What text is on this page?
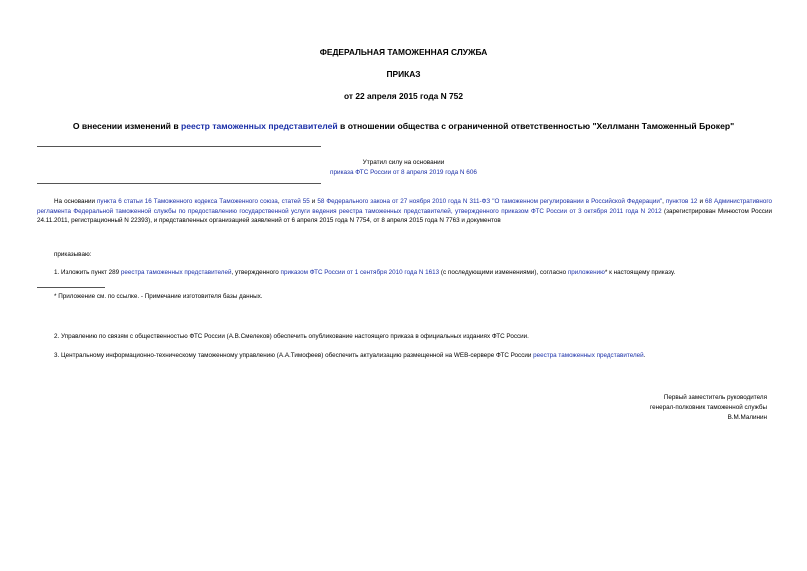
ФЕДЕРАЛЬНАЯ ТАМОЖЕННАЯ СЛУЖБА
ПРИКАЗ
от 22 апреля 2015 года N 752
О внесении изменений в реестр таможенных представителей в отношении общества с ограниченной ответственностью "Хеллманн Таможенный Брокер"
Утратил силу на основании
приказа ФТС России от 8 апреля 2019 года N 606
На основании пункта 6 статьи 16 Таможенного кодекса Таможенного союза, статей 55 и 58 Федерального закона от 27 ноября 2010 года N 311-ФЗ "О таможенном регулировании в Российской Федерации", пунктов 12 и 68 Административного регламента Федеральной таможенной службы по предоставлению государственной услуги ведения реестра таможенных представителей, утвержденного приказом ФТС России от 3 октября 2011 года N 2012 (зарегистрирован Минюстом России 24.11.2011, регистрационный N 22393), и представленных организацией заявлений от 6 апреля 2015 года N 7754, от 8 апреля 2015 года N 7763 и документов
приказываю:
1. Изложить пункт 289 реестра таможенных представителей, утвержденного приказом ФТС России от 1 сентября 2010 года N 1613 (с последующими изменениями), согласно приложению* к настоящему приказу.
* Приложение см. по ссылке. - Примечание изготовителя базы данных.
2. Управлению по связям с общественностью ФТС России (А.В.Смелеков) обеспечить опубликование настоящего приказа в официальных изданиях ФТС России.
3. Центральному информационно-техническому таможенному управлению (А.А.Тимофеев) обеспечить актуализацию размещенной на WEB-сервере ФТС России реестра таможенных представителей.
Первый заместитель руководителя
генерал-полковник таможенной службы
В.М.Малинин
